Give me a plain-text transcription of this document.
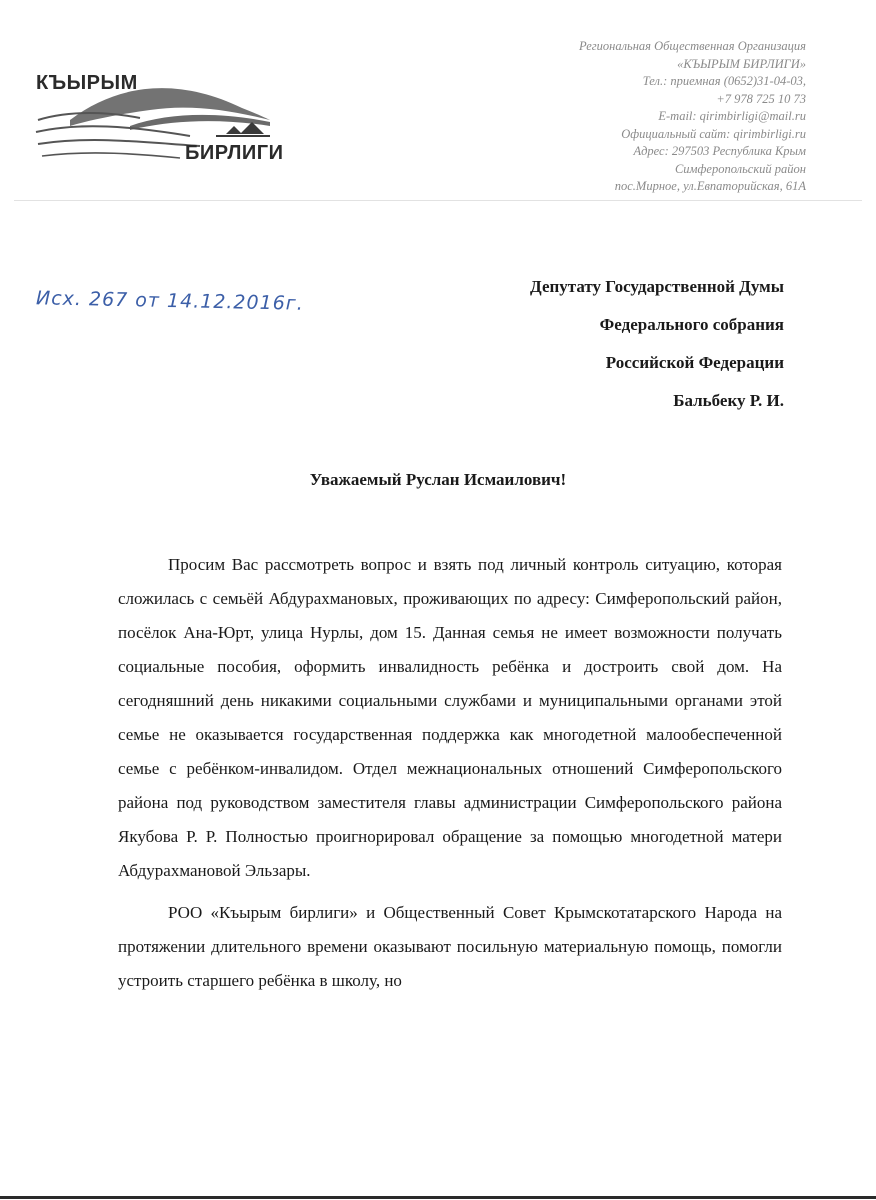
КЪЫРЫМ
БИРЛИГИ
Региональная Общественная Организация
«КЪЫРЫМ БИРЛИГИ»
Тел.: приемная (0652)31-04-03,
+7 978 725 10 73
E-mail: qirimbirligi@mail.ru
Официальный сайт: qirimbirligi.ru
Адрес: 297503 Республика Крым
Симферопольский район
пос.Мирное, ул.Евпаторийская, 61А
Исх. 267 от 14.12.2016г.
Депутату Государственной Думы
Федерального собрания
Российской Федерации
Бальбеку Р. И.
Уважаемый Руслан Исмаилович!

Просим Вас рассмотреть вопрос и взять под личный контроль ситуацию, которая сложилась с семьёй Абдурахмановых, проживающих по адресу: Симферопольский район, посёлок Ана-Юрт, улица Нурлы, дом 15. Данная семья не имеет возможности получать социальные пособия, оформить инвалидность ребёнка и достроить свой дом. На сегодняшний день никакими социальными службами и муниципальными органами этой семье не оказывается государственная поддержка как многодетной малообеспеченной семье с ребёнком-инвалидом. Отдел межнациональных отношений Симферопольского района под руководством заместителя главы администрации Симферопольского района Якубова Р. Р. Полностью проигнорировал обращение за помощью многодетной матери Абдурахмановой Эльзары.

РОО «Къырым бирлиги» и Общественный Совет Крымскотатарского Народа на протяжении длительного времени оказывают посильную материальную помощь, помогли устроить старшего ребёнка в школу, но
